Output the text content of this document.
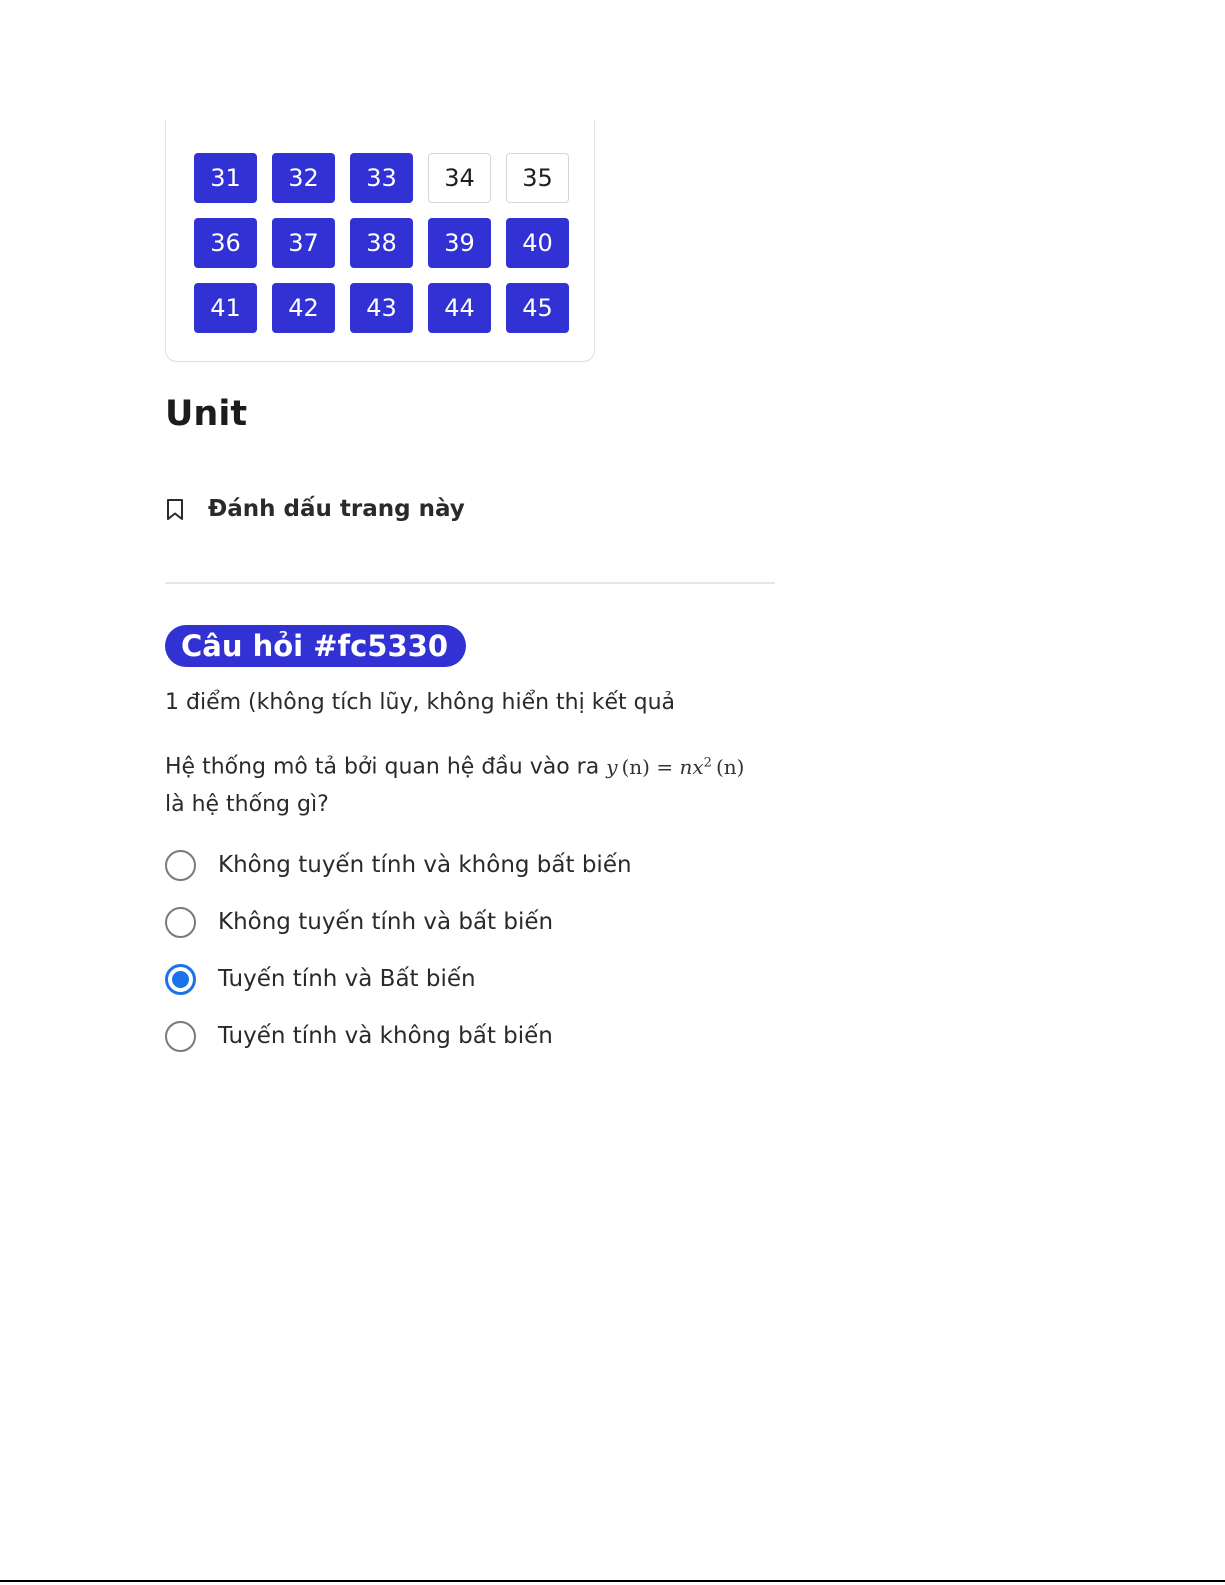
31	32	33	34	35
36	37	38	39	40
41	42	43	44	45
Unit
Đánh dấu trang này
Câu hỏi #fc5330
1 điểm (không tích lũy, không hiển thị kết quả
Hệ thống mô tả bởi quan hệ đầu vào ra y  $(n) = nx^2$  (n)
là hệ thống gì?
Không tuyến tính và không bất biến
Không tuyến tính và bất biến
Tuyến tính và Bất biến
Tuyến tính và không bất biến
